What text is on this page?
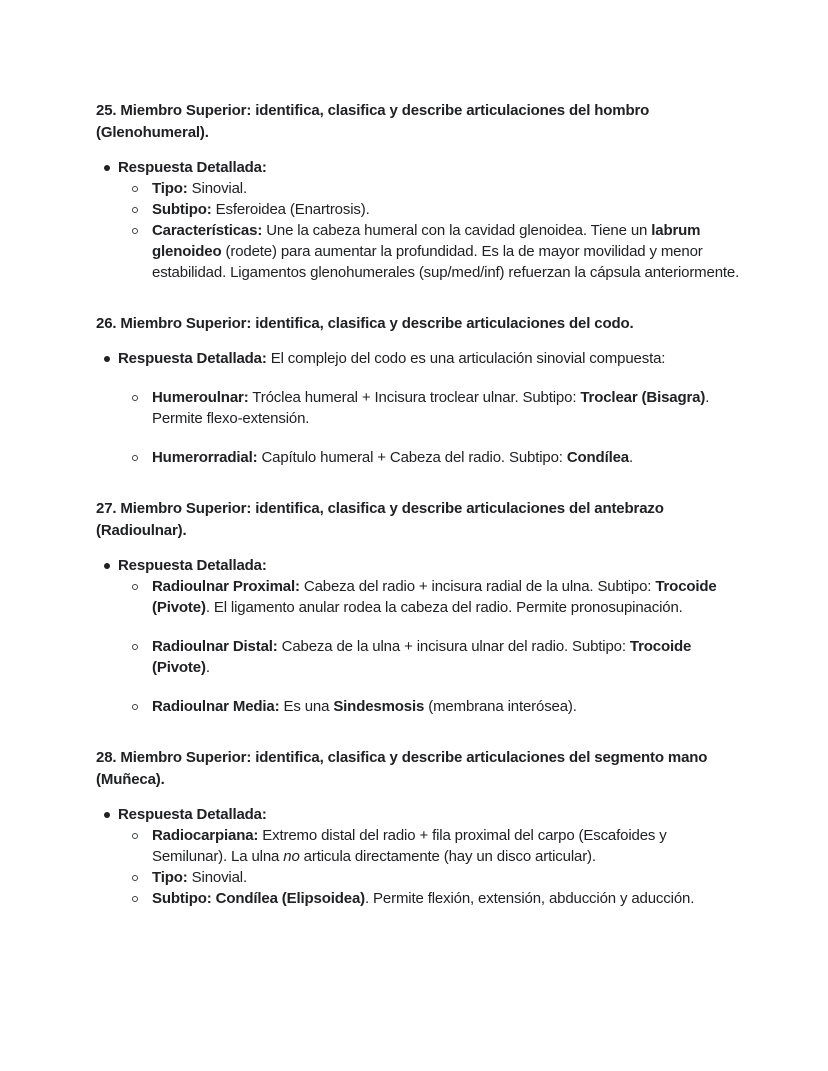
25. Miembro Superior: identifica, clasifica y describe articulaciones del hombro (Glenohumeral).
Respuesta Detallada:
Tipo: Sinovial.
Subtipo: Esferoidea (Enartrosis).
Características: Une la cabeza humeral con la cavidad glenoidea. Tiene un labrum glenoideo (rodete) para aumentar la profundidad. Es la de mayor movilidad y menor estabilidad. Ligamentos glenohumerales (sup/med/inf) refuerzan la cápsula anteriormente.
26. Miembro Superior: identifica, clasifica y describe articulaciones del codo.
Respuesta Detallada: El complejo del codo es una articulación sinovial compuesta:
Humeroulnar: Tróclea humeral + Incisura troclear ulnar. Subtipo: Troclear (Bisagra). Permite flexo-extensión.
Humerorradial: Capítulo humeral + Cabeza del radio. Subtipo: Condílea.
27. Miembro Superior: identifica, clasifica y describe articulaciones del antebrazo (Radioulnar).
Respuesta Detallada:
Radioulnar Proximal: Cabeza del radio + incisura radial de la ulna. Subtipo: Trocoide (Pivote). El ligamento anular rodea la cabeza del radio. Permite pronosupinación.
Radioulnar Distal: Cabeza de la ulna + incisura ulnar del radio. Subtipo: Trocoide (Pivote).
Radioulnar Media: Es una Sindesmosis (membrana interósea).
28. Miembro Superior: identifica, clasifica y describe articulaciones del segmento mano (Muñeca).
Respuesta Detallada:
Radiocarpiana: Extremo distal del radio + fila proximal del carpo (Escafoides y Semilunar). La ulna no articula directamente (hay un disco articular).
Tipo: Sinovial.
Subtipo: Condílea (Elipsoidea). Permite flexión, extensión, abducción y aducción.
